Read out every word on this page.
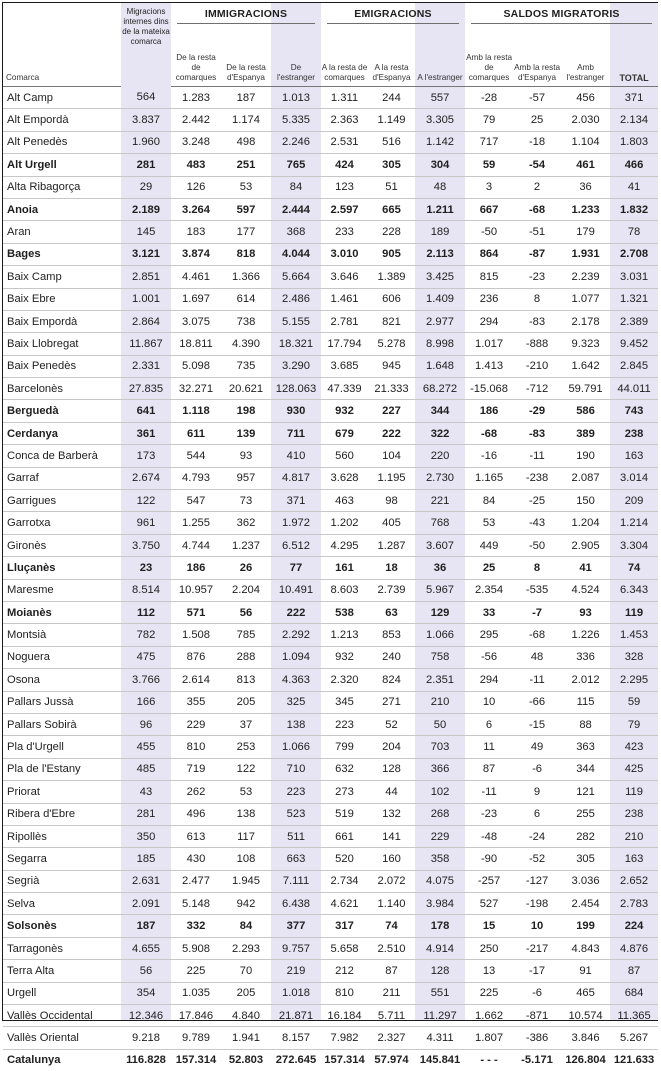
	Migracions internes dins de la mateixa comarca	IMMIGRACIONS			EMIGRACIONS			SALDOS MIGRATORIS			

Comarca		De la resta de comarques	De la resta d'Espanya	De l'estranger	A la resta de comarques	A la resta d'Espanya	A l'estranger	Amb la resta de comarques	Amb la resta d'Espanya	Amb l'estranger	TOTAL
Alt Camp	564	1.283	187	1.013	1.311	244	557	-28	-57	456	371
Alt Empordà	3.837	2.442	1.174	5.335	2.363	1.149	3.305	79	25	2.030	2.134
Alt Penedès	1.960	3.248	498	2.246	2.531	516	1.142	717	-18	1.104	1.803
Alt Urgell	281	483	251	765	424	305	304	59	-54	461	466
Alta Ribagorça	29	126	53	84	123	51	48	3	2	36	41
Anoia	2.189	3.264	597	2.444	2.597	665	1.211	667	-68	1.233	1.832
Aran	145	183	177	368	233	228	189	-50	-51	179	78
Bages	3.121	3.874	818	4.044	3.010	905	2.113	864	-87	1.931	2.708
Baix Camp	2.851	4.461	1.366	5.664	3.646	1.389	3.425	815	-23	2.239	3.031
Baix Ebre	1.001	1.697	614	2.486	1.461	606	1.409	236	8	1.077	1.321
Baix Empordà	2.864	3.075	738	5.155	2.781	821	2.977	294	-83	2.178	2.389
Baix Llobregat	11.867	18.811	4.390	18.321	17.794	5.278	8.998	1.017	-888	9.323	9.452
Baix Penedès	2.331	5.098	735	3.290	3.685	945	1.648	1.413	-210	1.642	2.845
Barcelonès	27.835	32.271	20.621	128.063	47.339	21.333	68.272	-15.068	-712	59.791	44.011
Berguedà	641	1.118	198	930	932	227	344	186	-29	586	743
Cerdanya	361	611	139	711	679	222	322	-68	-83	389	238
Conca de Barberà	173	544	93	410	560	104	220	-16	-11	190	163
Garraf	2.674	4.793	957	4.817	3.628	1.195	2.730	1.165	-238	2.087	3.014
Garrigues	122	547	73	371	463	98	221	84	-25	150	209
Garrotxa	961	1.255	362	1.972	1.202	405	768	53	-43	1.204	1.214
Gironès	3.750	4.744	1.237	6.512	4.295	1.287	3.607	449	-50	2.905	3.304
Lluçanès	23	186	26	77	161	18	36	25	8	41	74
Maresme	8.514	10.957	2.204	10.491	8.603	2.739	5.967	2.354	-535	4.524	6.343
Moianès	112	571	56	222	538	63	129	33	-7	93	119
Montsià	782	1.508	785	2.292	1.213	853	1.066	295	-68	1.226	1.453
Noguera	475	876	288	1.094	932	240	758	-56	48	336	328
Osona	3.766	2.614	813	4.363	2.320	824	2.351	294	-11	2.012	2.295
Pallars Jussà	166	355	205	325	345	271	210	10	-66	115	59
Pallars Sobirà	96	229	37	138	223	52	50	6	-15	88	79
Pla d'Urgell	455	810	253	1.066	799	204	703	11	49	363	423
Pla de l'Estany	485	719	122	710	632	128	366	87	-6	344	425
Priorat	43	262	53	223	273	44	102	-11	9	121	119
Ribera d'Ebre	281	496	138	523	519	132	268	-23	6	255	238
Ripollès	350	613	117	511	661	141	229	-48	-24	282	210
Segarra	185	430	108	663	520	160	358	-90	-52	305	163
Segrià	2.631	2.477	1.945	7.111	2.734	2.072	4.075	-257	-127	3.036	2.652
Selva	2.091	5.148	942	6.438	4.621	1.140	3.984	527	-198	2.454	2.783
Solsonès	187	332	84	377	317	74	178	15	10	199	224
Tarragonès	4.655	5.908	2.293	9.757	5.658	2.510	4.914	250	-217	4.843	4.876
Terra Alta	56	225	70	219	212	87	128	13	-17	91	87
Urgell	354	1.035	205	1.018	810	211	551	225	-6	465	684
Vallès Occidental	12.346	17.846	4.840	21.871	16.184	5.711	11.297	1.662	-871	10.574	11.365
Vallès Oriental	9.218	9.789	1.941	8.157	7.982	2.327	4.311	1.807	-386	3.846	5.267
Catalunya	116.828	157.314	52.803	272.645	157.314	57.974	145.841	- - -	-5.171	126.804	121.633
